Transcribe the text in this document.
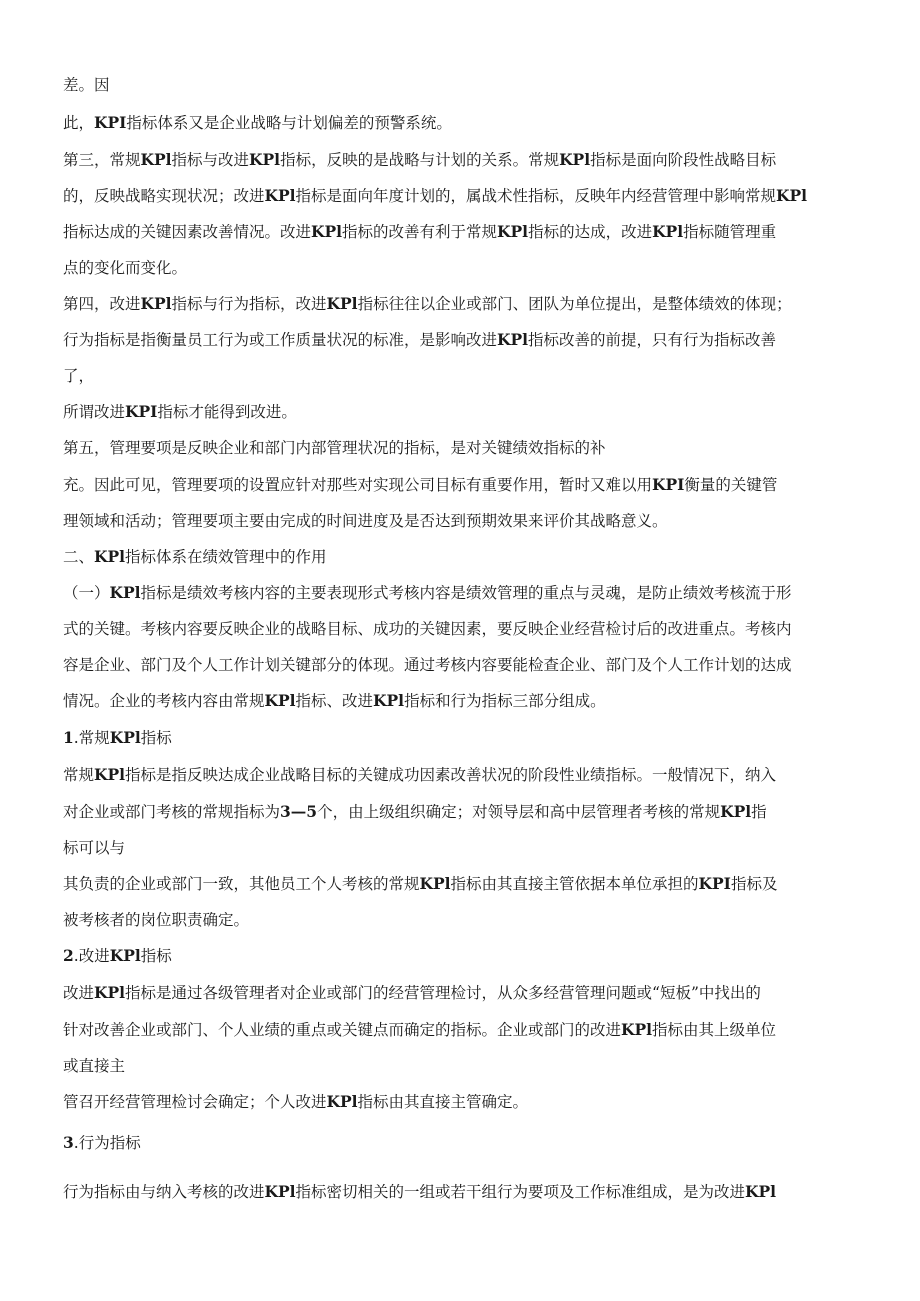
差。因

此，KPI指标体系又是企业战略与计划偏差的预警系统。

第三，常规KPl指标与改进KPl指标，反映的是战略与计划的关系。常规KPl指标是面向阶段性战略目标

的，反映战略实现状况；改进KPl指标是面向年度计划的，属战术性指标，反映年内经营管理中影响常规KPl

指标达成的关键因素改善情况。改进KPl指标的改善有利于常规KPl指标的达成，改进KPl指标随管理重

点的变化而变化。

第四，改进KPl指标与行为指标，改进KPl指标往往以企业或部门、团队为单位提出，是整体绩效的体现；

行为指标是指衡量员工行为或工作质量状况的标准，是影响改进KPl指标改善的前提，只有行为指标改善

了，

所谓改进KPI指标才能得到改进。

第五，管理要项是反映企业和部门内部管理状况的指标，是对关键绩效指标的补

充。因此可见，管理要项的设置应针对那些对实现公司目标有重要作用，暂时又难以用KPI衡量的关键管

理领域和活动；管理要项主要由完成的时间进度及是否达到预期效果来评价其战略意义。

二、KPl指标体系在绩效管理中的作用

（一）KPl指标是绩效考核内容的主要表现形式考核内容是绩效管理的重点与灵魂，是防止绩效考核流于形

式的关键。考核内容要反映企业的战略目标、成功的关键因素，要反映企业经营检讨后的改进重点。考核内

容是企业、部门及个人工作计划关键部分的体现。通过考核内容要能检查企业、部门及个人工作计划的达成

情况。企业的考核内容由常规KPl指标、改进KPl指标和行为指标三部分组成。

1.常规KPl指标

常规KPl指标是指反映达成企业战略目标的关键成功因素改善状况的阶段性业绩指标。一般情况下，纳入

对企业或部门考核的常规指标为3—5个，由上级组织确定；对领导层和高中层管理者考核的常规KPl指

标可以与

其负责的企业或部门一致，其他员工个人考核的常规KPl指标由其直接主管依据本单位承担的KPI指标及

被考核者的岗位职责确定。

2.改进KPl指标

改进KPl指标是通过各级管理者对企业或部门的经营管理检讨，从众多经营管理问题或“短板”中找出的

针对改善企业或部门、个人业绩的重点或关键点而确定的指标。企业或部门的改进KPl指标由其上级单位

或直接主

管召开经营管理检讨会确定；个人改进KPl指标由其直接主管确定。

3.行为指标

行为指标由与纳入考核的改进KPl指标密切相关的一组或若干组行为要项及工作标准组成，是为改进KPl
